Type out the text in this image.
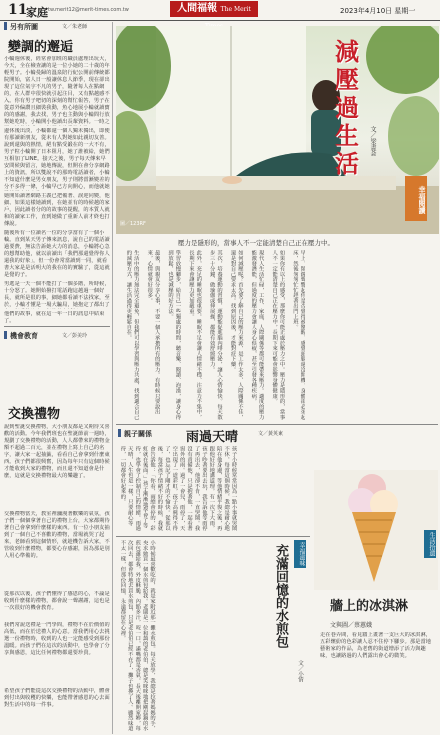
11
家庭 tw.merit12@merit-times.com.tw	人間福報 The Merit	2023年4月10日 星期一
另有所圖	文／朱老師
變調的邂逅
小輪週休後，經常會加班的職員處理出玩大，今天，全在檢查讓的是一位小她的二十歲的年輕男子。小輪曼歸的溫泉陪行紀公開前傳統都院開始，富人日一般讓休息人節季，現在卻出現了這位氣宇不凡的男子，隨著每人在點網的，在人群中很快就引起注目，又有點越感不入。你有男子吧切的深刻的幫忙報答，男子在從意外偏讚且細裝我動，魚心地展小輪就讀寶的的感謝，我去找，男子也主動與小輪問行放幫她吃時，小輪開小他讀出長輩資料。一時之
邊休後出淡，小輪都還一個人獨未獨出，即便有那讀新朋友，從未有人對她如此親切友善。說到還與的熱情，絕有點受鍛在的一大不有，男子粒小輪開了日本阻月，她了誰被給，她們互相加了LINE。接天之後，男子每天傳來早安問候與留言，她地傳說，但開在會分享網路上的資訊，所以雙說不的那時電話讀者，小輪不知道什麼是男女朋友，男子則將當漸變差的分不多得一條，小輪早已方向開心，而他就她
她開始讀著網路主義已把備著、淚迎同變，他細、如果這樣她讀到，在她並有的時候越的家戶，因此讀者分的的故事的提醒，的本質人就和的讀家工作，直到她做了重新人前才終也打傳說。
隨後所有一位讀名一位的分享當有了一個小輪。直到某天男子傳來訊息，說自己的電話讀過要費，無法告訴她大力的消息，小輪將心急的想幫助他，就以前讀出「我們那還覺得你人還我的好象」，但一份會常當讀到一同，就看書大家是是活明大的我在的的實驗了，從這就是覺的子。
男逃是一天一個不能打了一個多階，所時候，十分怒了。她開始撥打電話跑這越過一個好長，就所是很的事，細她都看讀不法找家，至於，小輪才懂是一場大騙局，她抱定了都出了
他們的故事，就在這一年一日的訊息中結束了。
機會教育	文／彭美玲
交換禮物
說到聖誕交換禮物，大小朋友都是又期待又喜歡的活動。今年我們班也在聖誕節前一週時，規劃了交換禮物的活動，人人都帶來的禮物金額不超過二百元，並在禮物上寫上自己的名字，讓大家一起抽籤，看看自己會拿到什麼東西。孩子們都很興奮，因為每年只有這個時候才能收到大家的禮物，而且還不知道會是什麼，這就是交換禮物最大的樂趣了。
交換禮物當天，教室裡瀰漫著歡樂的氣氛，孩子們一個個拿著自己的禮物上台，大家都期待著自己會拿到什麼樣的東西。有一位小朋友抽到了一個自己不喜歡的禮物，當場就哭了起來，老師看到這個情形，就趁機告訴大家，不管收到什麼禮物，都要心存感謝，因為那是別人用心準備的。
從那次以後，孩子們懂得了感恩的心，不論是收到什麼樣的禮物，都會說一聲謝謝，這也是一次很好的機會教育。
我們常說送禮是一門學問，禮物不在於價值的高低，而在於送禮人的心意。當我們用心去挑選一份禮物時，收到的人也一定能感受到那份溫暖。而孩子們在這次的活動中，也學會了分享與感恩，這比任何禮物都還要珍貴。
希望孩子們能從這次交換禮物的活動中，體會到付出與收穫的快樂，也能帶著感恩的心去面對生活中的每一件事。
圖／123RF
壓力是隱形的，當事人不一定能清楚自己正在壓力中。
減
壓
過
生
活
文／梁書荟
幸福閱讀

早上，鬧鐘聲響起你是否覺得被驚醒，感覺頭腦還沒開機，身體卻必須起床，然後匆匆忙忙趕著出門上班。

如果你有以上的感受，那麼你可能正處於壓力之中。壓力是隱形的，當事人不一定能清楚自己正在壓力中，長期下來可能會影響身體健康。

現代人生活忙碌，工作、家庭、人際關係等都可能帶來壓力。適度的壓力能激發潛能，但過度的壓力會讓人身心俱疲，甚至引發各種疾病。

如何減壓呢？首先要了解自己的壓力來源，是工作太多、人際關係不佳，還是對自己要求太高。找到原因後，才能對症下藥。

其次，培養運動的習慣，運動能促進腦內啡分泌，讓人心情愉快。每天散步三十分鐘、做瑜伽或伸展操，都能有效舒緩壓力。

此外，充足的睡眠也很重要。睡眠不足會讓人情緒不穩、注意力不集中，長期下來會讓壓力更加嚴重。

學習放慢腳步，給自己一些獨處的時間，聽音樂、閱讀、泡澡，讓身心得到放鬆，也是減壓的好方法。

最後，與親友分享心事，不要一個人承擔所有的壓力。有時候只要說出來，心情就會好很多。

生活中的壓力無法完全避免，但我們可以學習與壓力共處，找到適合自己的減壓方式，讓生活過得更輕鬆自在。

親子關係	雨過天晴	文／黃英東
孩子小時候常常因為一點小事就哭鬧不休，每當這個時候，我總是耐心地陪在他身邊，等他情緒平復之後，再跟他好好地講道理。有一次下大雨，孩子吵著要出去玩，我告訴他等雨停了再出去，他卻不肯，一直哭鬧。我沒有責備他，只是抱著他，一起看著窗外的雨。過了一會兒，雨停了，天空出現了一道彩虹，孩子高興得不得了，也忘記了剛才的不愉快。從那以後，每當孩子情緒不好的時候，我就會告訴他：「你看，雨總會停的，彩虹就在後面。」孩子漸漸地學會了等待，也學會了控制自己的情緒。雨過天晴，人生也是一樣，只要耐心等待，一切都會好起來的。
小時候最喜歡吃的，就是家附近那一攤水煎包。每天放學，我總是拉著媽媽的手，央求她買一個水煎包給我。老闆是一位和藹的老伯伯，總是笑咪咪地把剛起鍋的水煎包遞給我。外皮酥脆、內餡多汁，咬一口，滿嘴都是香氣。長大後離開家鄉，每次回去，都會特地去買水煎包，只是老伯伯已經不在了，攤子也換了人。雖然味道不太一樣，但那份回憶，永遠都留在心裡。	幸福滋味
充滿回憶的水煎包
文／小情
生活拾遺
牆上的冰淇淋
文與圖／蔡蕙娥
走在巷弄間，看見牆上畫著一支巨大的冰淇淋，五彩繽紛的色彩讓人忍不住停下腳步。那是當地藝術家的作品，為老舊的街道增添了活力與趣味，也讓路過的人們露出會心的微笑。
